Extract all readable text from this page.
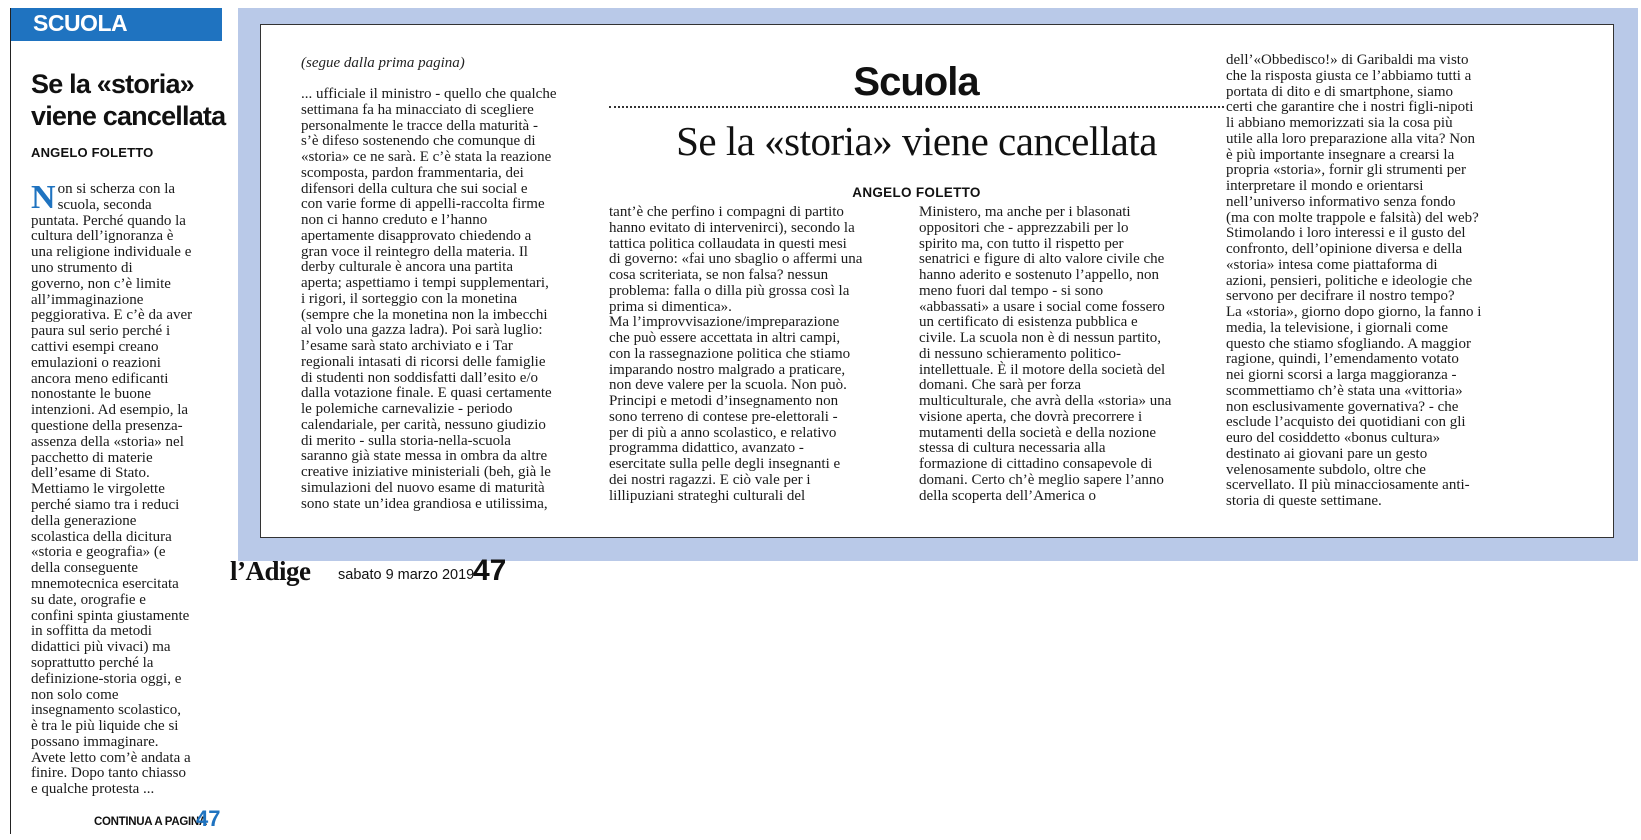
SCUOLA
Se la «storia» viene cancellata
ANGELO FOLETTO
Non si scherza con la
scuola, seconda
puntata. Perché quando la
cultura dell’ignoranza è
una religione individuale e
uno strumento di
governo, non c’è limite
all’immaginazione
peggiorativa. E c’è da aver
paura sul serio perché i
cattivi esempi creano
emulazioni o reazioni
ancora meno edificanti
nonostante le buone
intenzioni. Ad esempio, la
questione della presenza-
assenza della «storia» nel
pacchetto di materie
dell’esame di Stato.
Mettiamo le virgolette
perché siamo tra i reduci
della generazione
scolastica della dicitura
«storia e geografia» (e
della conseguente
mnemotecnica esercitata
su date, orografie e
confini spinta giustamente
in soffitta da metodi
didattici più vivaci) ma
soprattutto perché la
definizione-storia oggi, e
non solo come
insegnamento scolastico,
è tra le più liquide che si
possano immaginare.
Avete letto com’è andata a
finire. Dopo tanto chiasso
e qualche protesta ...
CONTINUA A PAGINA
47
(segue dalla prima pagina)	Scuola
Se la «storia» viene cancellata
ANGELO FOLETTO
... ufficiale il ministro - quello che qualche
settimana fa ha minacciato di scegliere
personalmente le tracce della maturità -
s’è difeso sostenendo che comunque di
«storia» ce ne sarà. E c’è stata la reazione
scomposta, pardon frammentaria, dei
difensori della cultura che sui social e
con varie forme di appelli-raccolta firme
non ci hanno creduto e l’hanno
apertamente disapprovato chiedendo a
gran voce il reintegro della materia. Il
derby culturale è ancora una partita
aperta; aspettiamo i tempi supplementari,
i rigori, il sorteggio con la monetina
(sempre che la monetina non la imbecchi
al volo una gazza ladra). Poi sarà luglio:
l’esame sarà stato archiviato e i Tar
regionali intasati di ricorsi delle famiglie
di studenti non soddisfatti dall’esito e/o
dalla votazione finale. E quasi certamente
le polemiche carnevalizie - periodo
calendariale, per carità, nessuno giudizio
di merito - sulla storia-nella-scuola
saranno già state messa in ombra da altre
creative iniziative ministeriali (beh, già le
simulazioni del nuovo esame di maturità
sono state un’idea grandiosa e utilissima,
tant’è che perfino i compagni di partito
hanno evitato di intervenirci), secondo la
tattica politica collaudata in questi mesi
di governo: «fai uno sbaglio o affermi una
cosa scriteriata, se non falsa? nessun
problema: falla o dilla più grossa così la
prima si dimentica».
Ma l’improvvisazione/impreparazione
che può essere accettata in altri campi,
con la rassegnazione politica che stiamo
imparando nostro malgrado a praticare,
non deve valere per la scuola. Non può.
Principi e metodi d’insegnamento non
sono terreno di contese pre-elettorali -
per di più a anno scolastico, e relativo
programma didattico, avanzato -
esercitate sulla pelle degli insegnanti e
dei nostri ragazzi. E ciò vale per i
lillipuziani strateghi culturali del
Ministero, ma anche per i blasonati
oppositori che - apprezzabili per lo
spirito ma, con tutto il rispetto per
senatrici e figure di alto valore civile che
hanno aderito e sostenuto l’appello, non
meno fuori dal tempo - si sono
«abbassati» a usare i social come fossero
un certificato di esistenza pubblica e
civile. La scuola non è di nessun partito,
di nessuno schieramento politico-
intellettuale. È il motore della società del
domani. Che sarà per forza
multiculturale, che avrà della «storia» una
visione aperta, che dovrà precorrere i
mutamenti della società e della nozione
stessa di cultura necessaria alla
formazione di cittadino consapevole di
domani. Certo ch’è meglio sapere l’anno
della scoperta dell’America o
dell’«Obbedisco!» di Garibaldi ma visto
che la risposta giusta ce l’abbiamo tutti a
portata di dito e di smartphone, siamo
certi che garantire che i nostri figli-nipoti
li abbiano memorizzati sia la cosa più
utile alla loro preparazione alla vita? Non
è più importante insegnare a crearsi la
propria «storia», fornir gli strumenti per
interpretare il mondo e orientarsi
nell’universo informativo senza fondo
(ma con molte trappole e falsità) del web?
Stimolando i loro interessi e il gusto del
confronto, dell’opinione diversa e della
«storia» intesa come piattaforma di
azioni, pensieri, politiche e ideologie che
servono per decifrare il nostro tempo?
La «storia», giorno dopo giorno, la fanno i
media, la televisione, i giornali come
questo che stiamo sfogliando. A maggior
ragione, quindi, l’emendamento votato
nei giorni scorsi a larga maggioranza -
scommettiamo ch’è stata una «vittoria»
non esclusivamente governativa? - che
esclude l’acquisto dei quotidiani con gli
euro del cosiddetto «bonus cultura»
destinato ai giovani pare un gesto
velenosamente subdolo, oltre che
scervellato. Il più minacciosamente anti-
storia di queste settimane.
l’Adige sabato 9 marzo 2019
47
